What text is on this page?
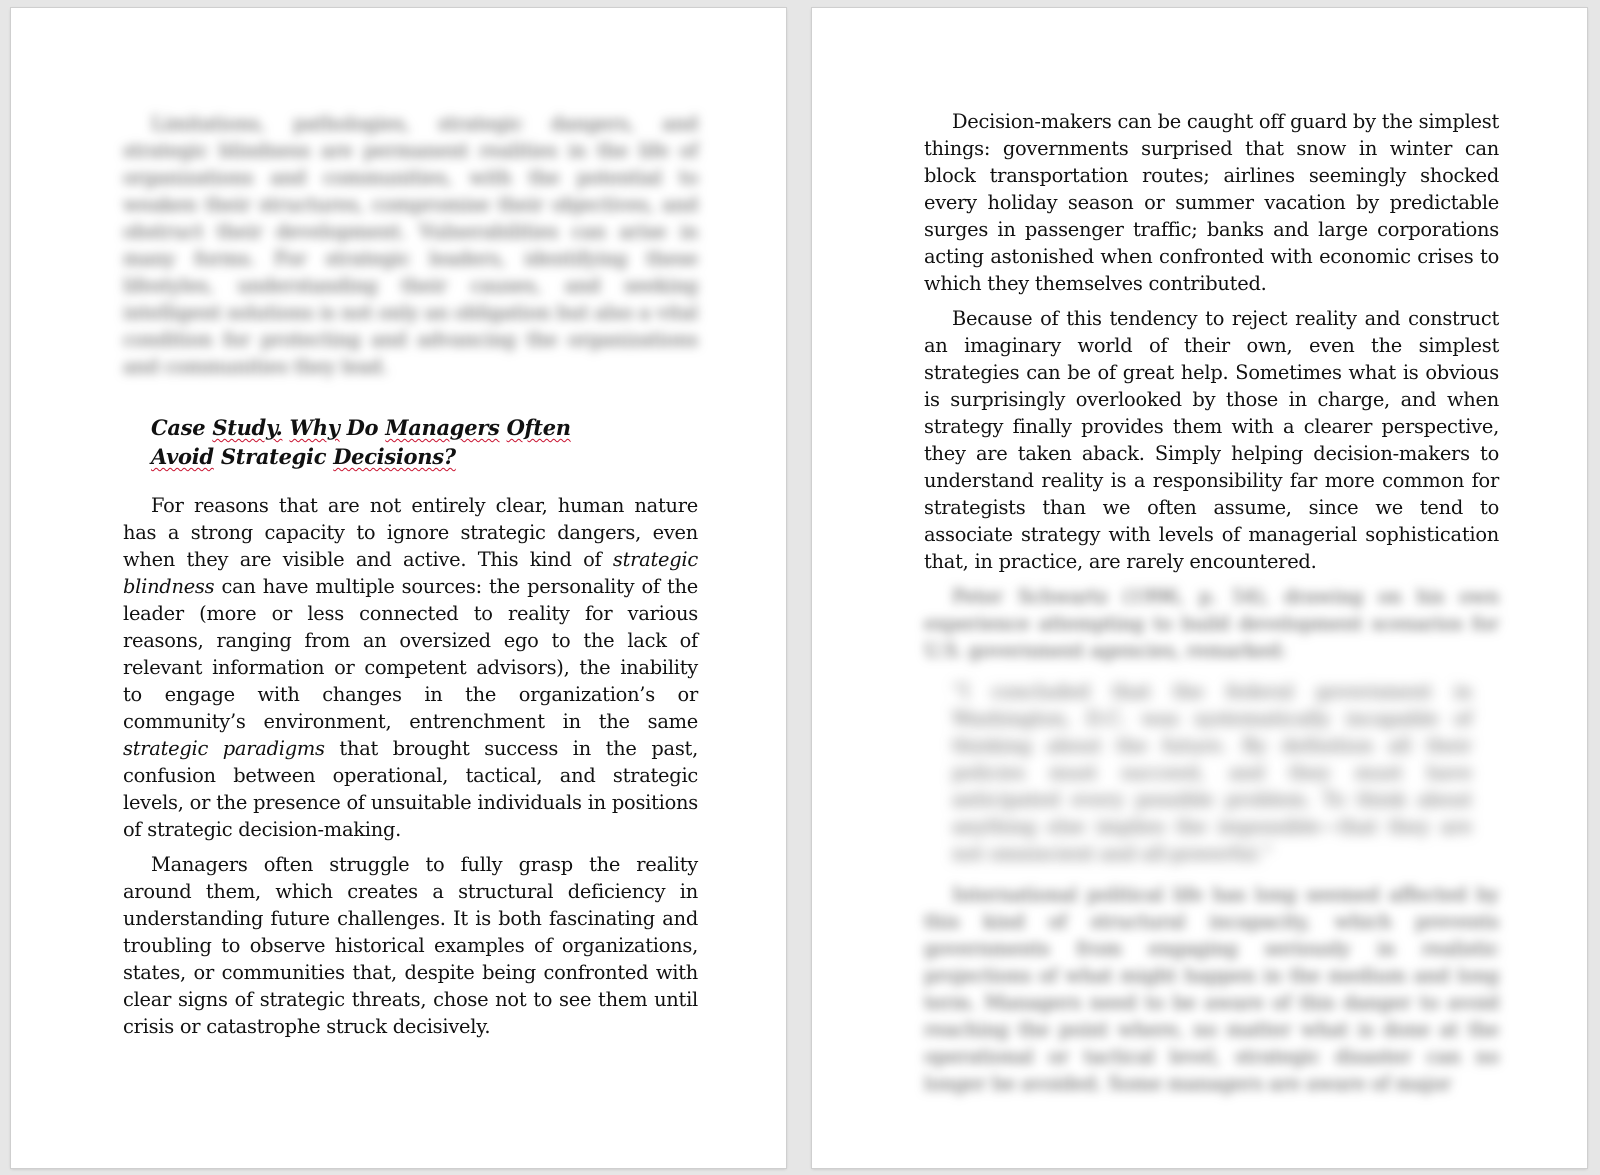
Limitations, pathologies, strategic dangers, and strategic blindness are permanent realities in the life of organizations and communities, with the potential to weaken their structures, compromise their objectives, and obstruct their development. Vulnerabilities can arise in many forms. For strategic leaders, identifying these lifestyles, understanding their causes, and seeking intelligent solutions is not only an obligation but also a vital condition for protecting and advancing the organizations and communities they lead.

Case Study. Why Do Managers Often
Avoid Strategic Decisions?

For reasons that are not entirely clear, human nature has a strong capacity to ignore strategic dangers, even when they are visible and active. This kind of strategic blindness can have multiple sources: the personality of the leader (more or less connected to reality for various reasons, ranging from an oversized ego to the lack of relevant information or competent advisors), the inability to engage with changes in the organization’s or community’s environment, entrenchment in the same strategic paradigms that brought success in the past, confusion between operational, tactical, and strategic levels, or the presence of unsuitable individuals in positions of strategic decision-making.

Managers often struggle to fully grasp the reality around them, which creates a structural deficiency in understanding future challenges. It is both fascinating and troubling to observe historical examples of organizations, states, or communities that, despite being confronted with clear signs of strategic threats, chose not to see them until crisis or catastrophe struck decisively.

Decision-makers can be caught off guard by the simplest things: governments surprised that snow in winter can block transportation routes; airlines seemingly shocked every holiday season or summer vacation by predictable surges in passenger traffic; banks and large corporations acting astonished when confronted with economic crises to which they themselves contributed.

Because of this tendency to reject reality and construct an imaginary world of their own, even the simplest strategies can be of great help. Sometimes what is obvious is surprisingly overlooked by those in charge, and when strategy finally provides them with a clearer perspective, they are taken aback. Simply helping decision-makers to understand reality is a responsibility far more common for strategists than we often assume, since we tend to associate strategy with levels of managerial sophistication that, in practice, are rarely encountered.

Peter Schwartz (1996, p. 54), drawing on his own experience attempting to build development scenarios for U.S. government agencies, remarked:

“I concluded that the federal government in Washington, D.C. was systematically incapable of thinking about the future. By definition all their policies must succeed, and they must have anticipated every possible problem. To think about anything else implies the impossible—that they are not omniscient and all-powerful.”

International political life has long seemed affected by this kind of structural incapacity, which prevents governments from engaging seriously in realistic projections of what might happen in the medium and long term. Managers need to be aware of this danger to avoid reaching the point where, no matter what is done at the operational or tactical level, strategic disaster can no longer be avoided. Some managers are aware of major
